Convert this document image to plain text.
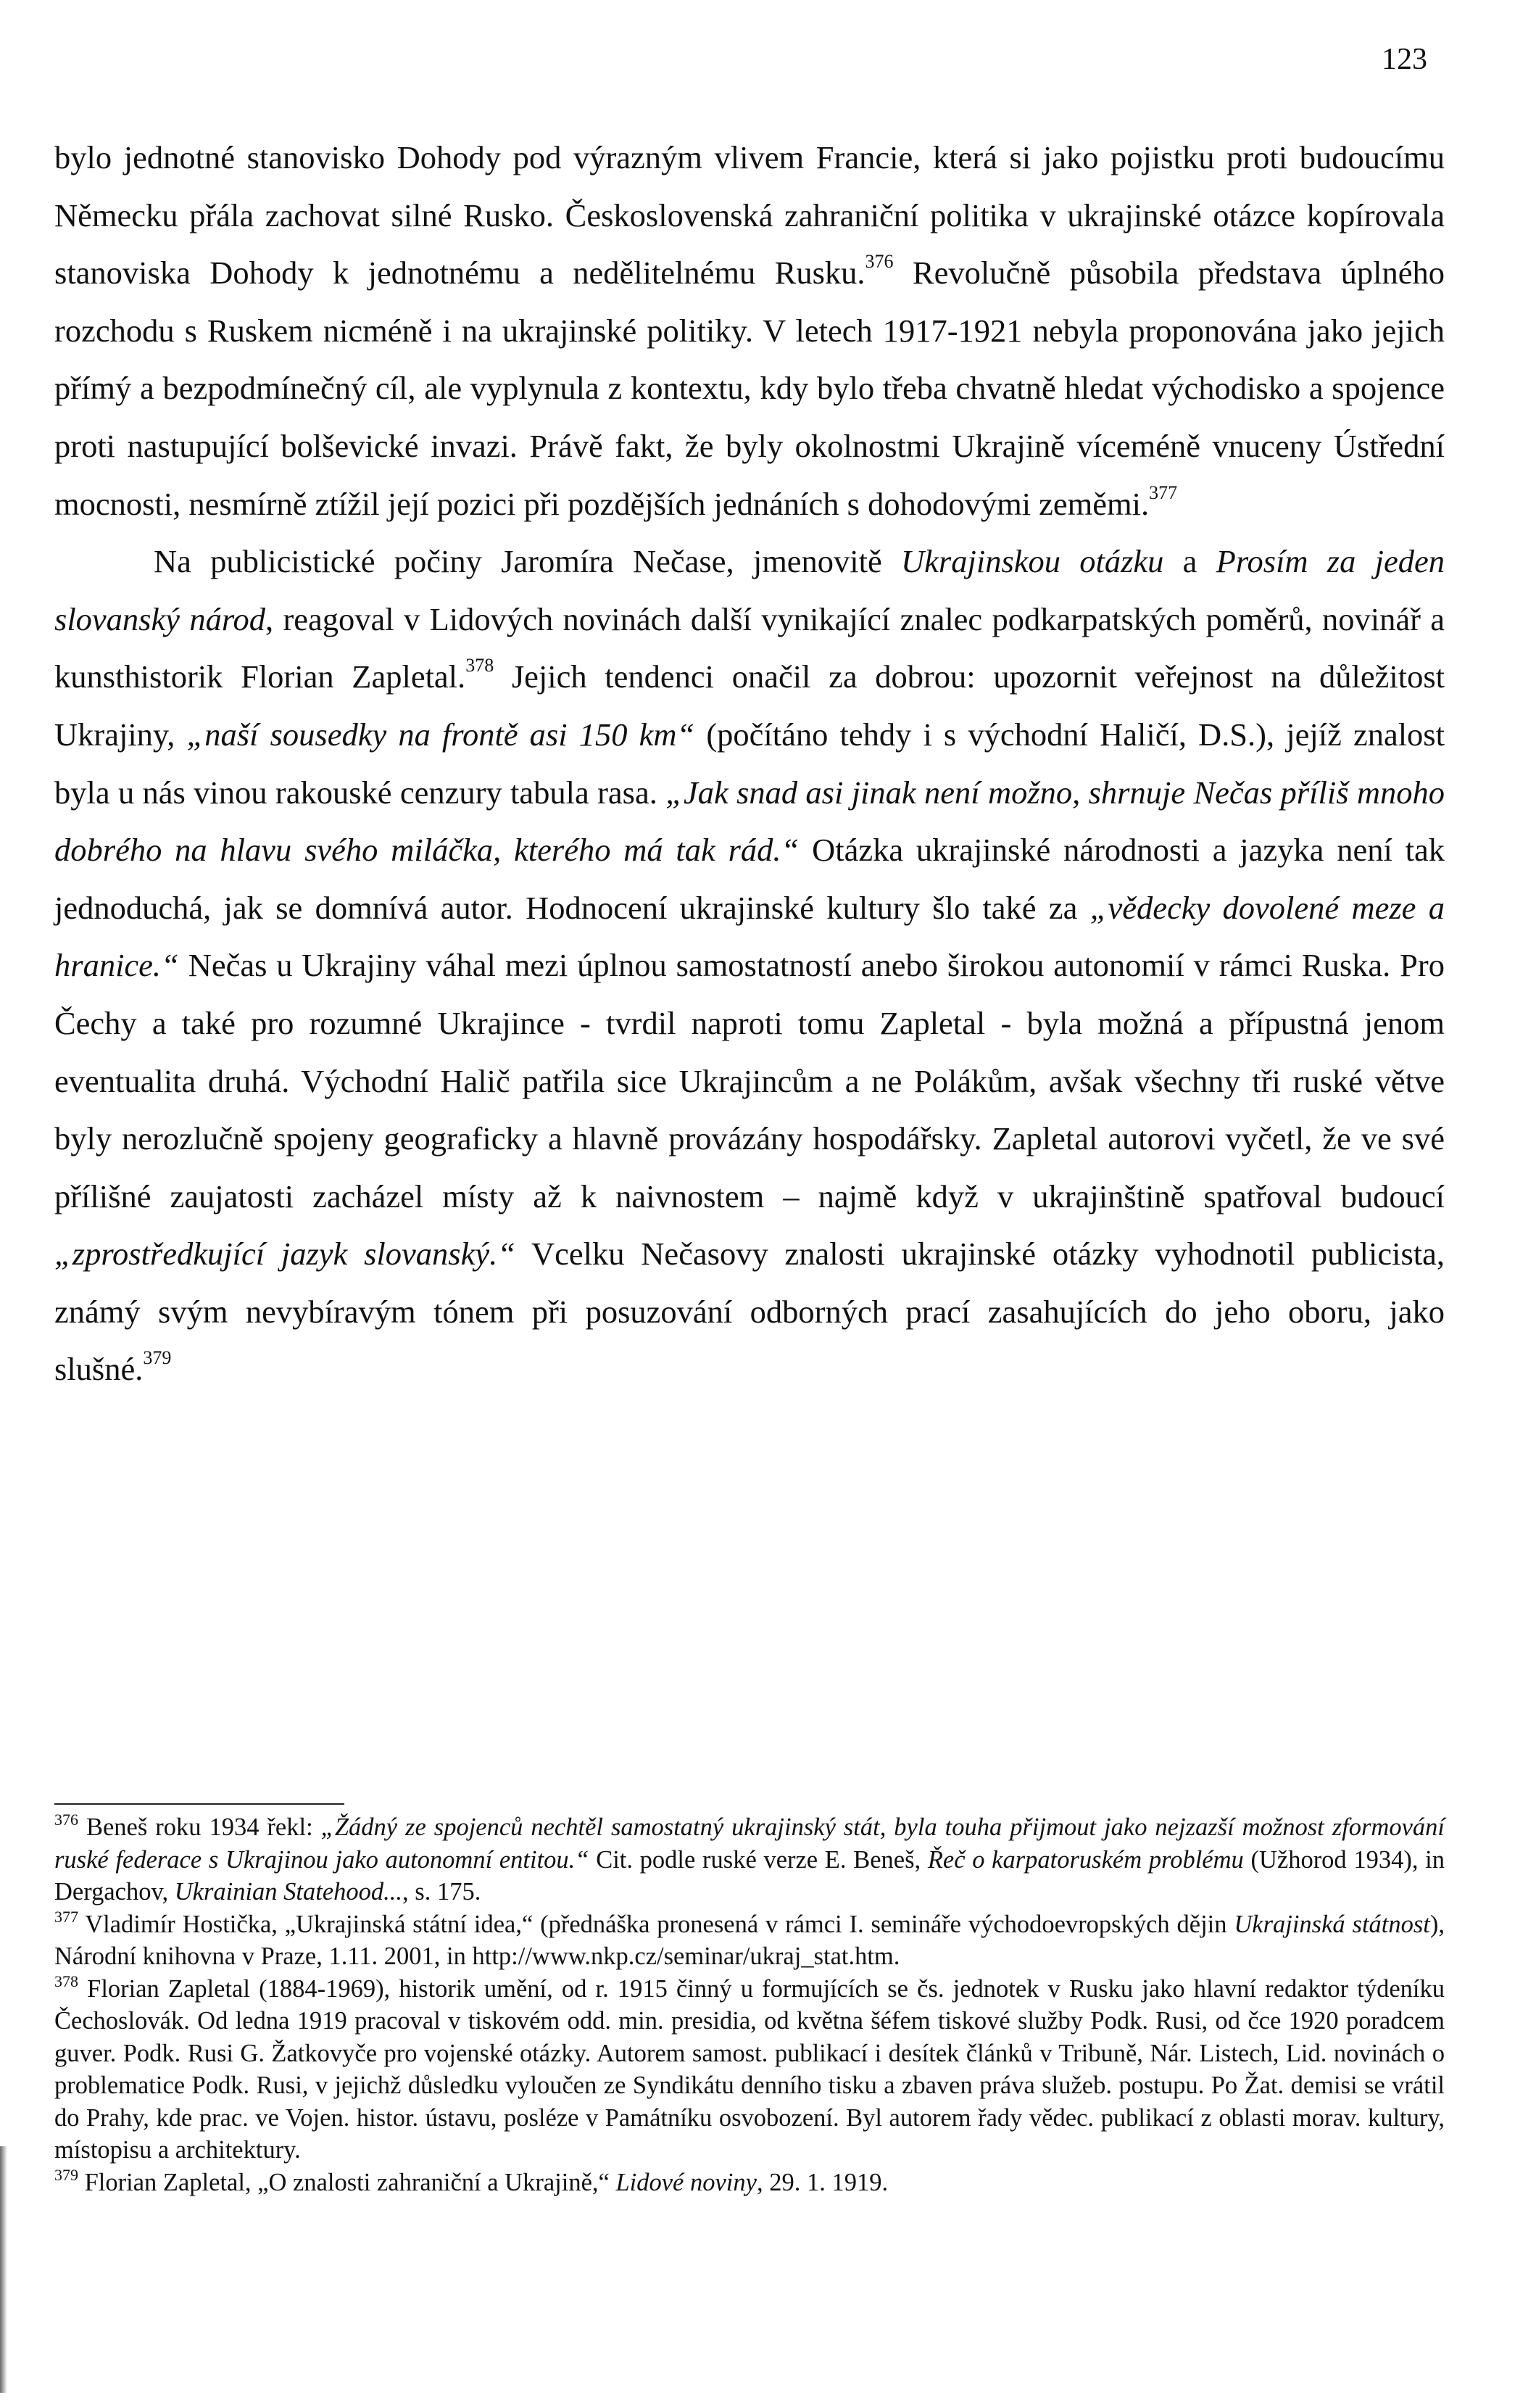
123

bylo jednotné stanovisko Dohody pod výrazným vlivem Francie, která si jako pojistku proti budoucímu Německu přála zachovat silné Rusko. Československá zahraniční politika v ukrajinské otázce kopírovala stanoviska Dohody k jednotnému a nedělitelnému Rusku.$^{376}$ Revolučně působila představa úplného rozchodu s Ruskem nicméně i na ukrajinské politiky. V letech 1917-1921 nebyla proponována jako jejich přímý a bezpodmínečný cíl, ale vyplynula z kontextu, kdy bylo třeba chvatně hledat východisko a spojence proti nastupující bolševické invazi. Právě fakt, že byly okolnostmi Ukrajině víceméně vnuceny Ústřední mocnosti, nesmírně ztížil její pozici při pozdějších jednáních s dohodovými zeměmi.$^{377}$

Na publicistické počiny Jaromíra Nečase, jmenovitě Ukrajinskou otázku a Prosím za jeden slovanský národ, reagoval v Lidových novinách další vynikající znalec podkarpatských poměrů, novinář a kunsthistorik Florian Zapletal.$^{378}$ Jejich tendenci onačil za dobrou: upozornit veřejnost na důležitost Ukrajiny, „naší sousedky na frontě asi 150 km“ (počítáno tehdy i s východní Haličí, D.S.), jejíž znalost byla u nás vinou rakouské cenzury tabula rasa. „Jak snad asi jinak není možno, shrnuje Nečas příliš mnoho dobrého na hlavu svého miláčka, kterého má tak rád.“ Otázka ukrajinské národnosti a jazyka není tak jednoduchá, jak se domnívá autor. Hodnocení ukrajinské kultury šlo také za „vědecky dovolené meze a hranice.“ Nečas u Ukrajiny váhal mezi úplnou samostatností anebo širokou autonomií v rámci Ruska. Pro Čechy a také pro rozumné Ukrajince - tvrdil naproti tomu Zapletal - byla možná a přípustná jenom eventualita druhá. Východní Halič patřila sice Ukrajincům a ne Polákům, avšak všechny tři ruské větve byly nerozlučně spojeny geograficky a hlavně provázány hospodářsky. Zapletal autorovi vyčetl, že ve své přílišné zaujatosti zacházel místy až k naivnostem – najmě když v ukrajinštině spatřoval budoucí „zprostředkující jazyk slovanský.“ Vcelku Nečasovy znalosti ukrajinské otázky vyhodnotil publicista, známý svým nevybíravým tónem při posuzování odborných prací zasahujících do jeho oboru, jako slušné.$^{379}$

$^{376}$ Beneš roku 1934 řekl: „Žádný ze spojenců nechtěl samostatný ukrajinský stát, byla touha přijmout jako nejzazší možnost zformování ruské federace s Ukrajinou jako autonomní entitou.“ Cit. podle ruské verze E. Beneš, Řeč o karpatoruském problému (Užhorod 1934), in Dergachov, Ukrainian Statehood..., s. 175.

$^{377}$ Vladimír Hostička, „Ukrajinská státní idea,“ (přednáška pronesená v rámci I. semináře východoevropských dějin Ukrajinská státnost), Národní knihovna v Praze, 1.11. 2001, in http://www.nkp.cz/seminar/ukraj_stat.htm.

$^{378}$ Florian Zapletal (1884-1969), historik umění, od r. 1915 činný u formujících se čs. jednotek v Rusku jako hlavní redaktor týdeníku Čechoslovák. Od ledna 1919 pracoval v tiskovém odd. min. presidia, od května šéfem tiskové služby Podk. Rusi, od čce 1920 poradcem guver. Podk. Rusi G. Žatkovyče pro vojenské otázky. Autorem samost. publikací i desítek článků v Tribuně, Nár. Listech, Lid. novinách o problematice Podk. Rusi, v jejichž důsledku vyloučen ze Syndikátu denního tisku a zbaven práva služeb. postupu. Po Žat. demisi se vrátil do Prahy, kde prac. ve Vojen. histor. ústavu, posléze v Památníku osvobození. Byl autorem řady vědec. publikací z oblasti morav. kultury, místopisu a architektury.

$^{379}$ Florian Zapletal, „O znalosti zahraniční a Ukrajině,“ Lidové noviny, 29. 1. 1919.
